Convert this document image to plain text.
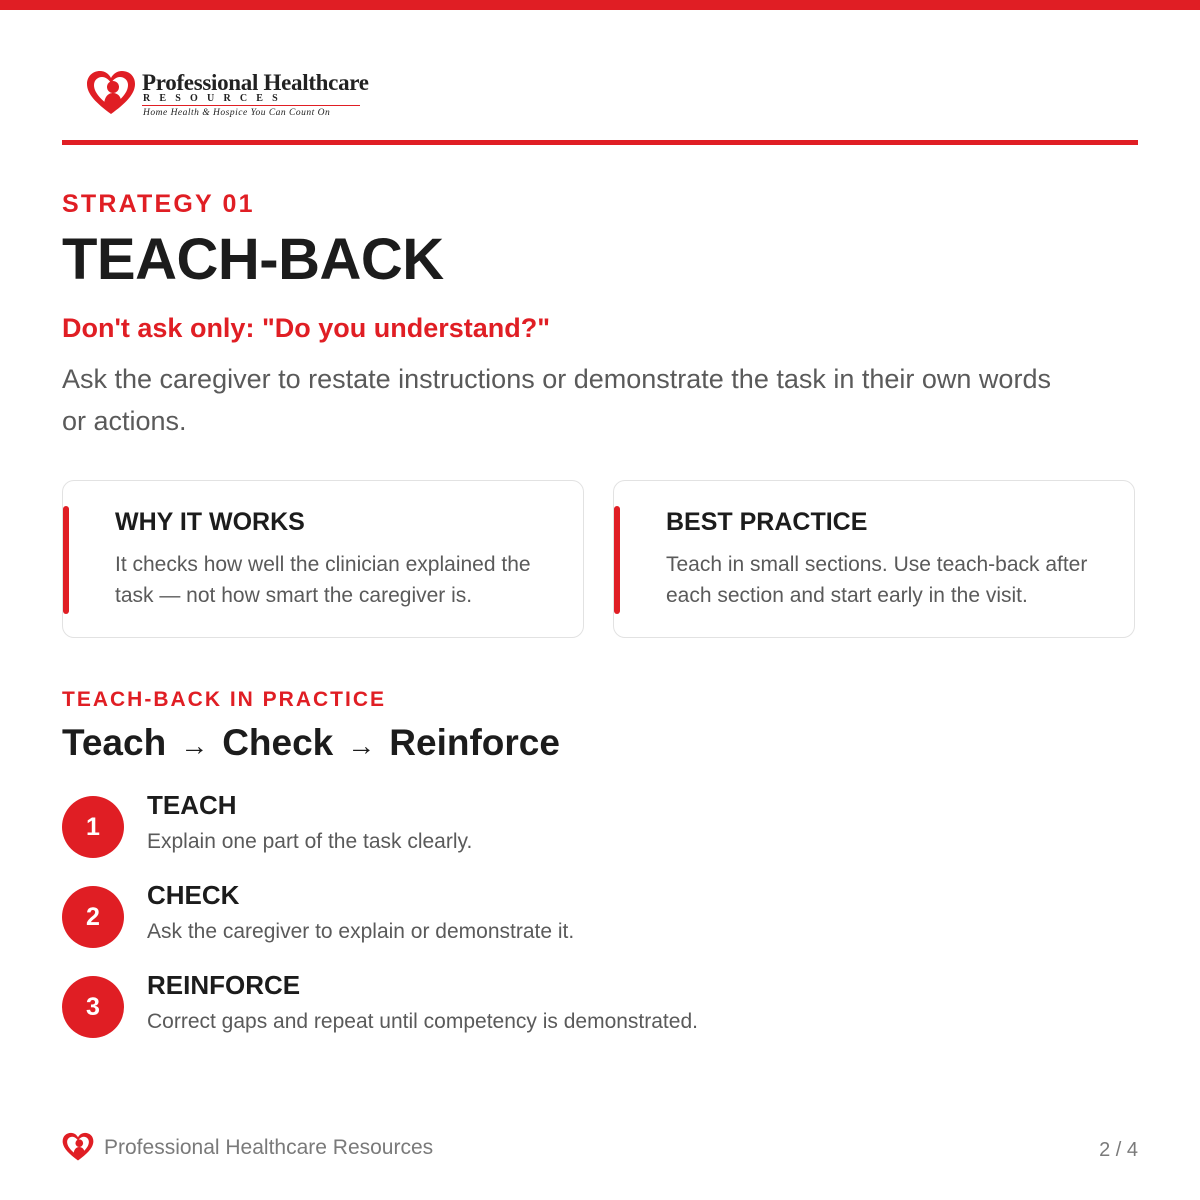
Professional Healthcare
RESOURCES
Home Health & Hospice You Can Count On
STRATEGY 01
TEACH-BACK
Don't ask only: "Do you understand?"
Ask the caregiver to restate instructions or demonstrate the task in their own words or actions.
WHY IT WORKS
It checks how well the clinician explained the task — not how smart the caregiver is.
BEST PRACTICE
Teach in small sections. Use teach-back after each section and start early in the visit.
TEACH-BACK IN PRACTICE
Teach → Check → Reinforce
1
TEACH
Explain one part of the task clearly.
2
CHECK
Ask the caregiver to explain or demonstrate it.
3
REINFORCE
Correct gaps and repeat until competency is demonstrated.
Professional Healthcare Resources	2 / 4
